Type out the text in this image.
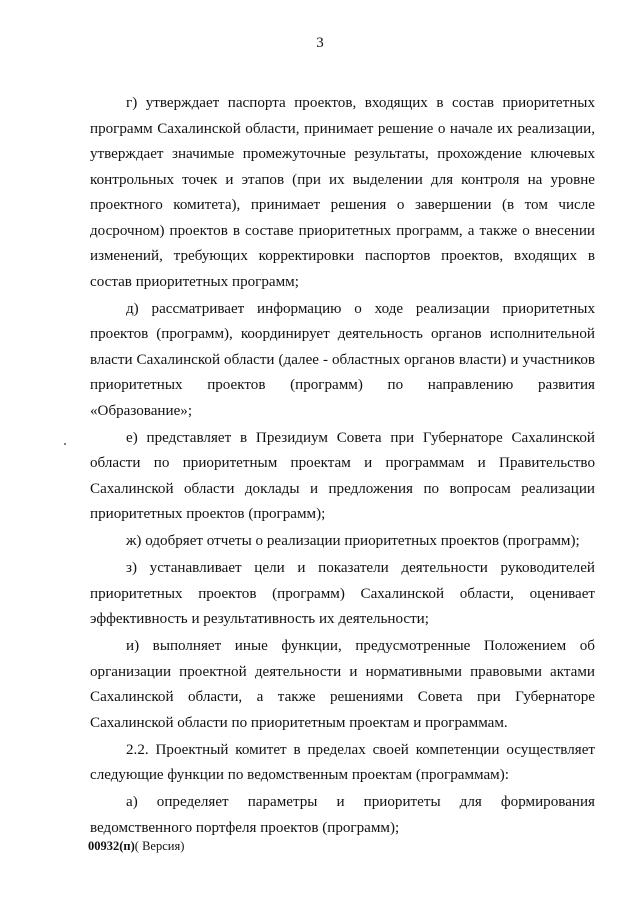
3

г) утверждает паспорта проектов, входящих в состав приоритетных программ Сахалинской области, принимает решение о начале их реализации, утверждает значимые промежуточные результаты, прохождение ключевых контрольных точек и этапов (при их выделении для контроля на уровне проектного комитета), принимает решения о завершении (в том числе досрочном) проектов в составе приоритетных программ, а также о внесении изменений, требующих корректировки паспортов проектов, входящих в состав приоритетных программ;

д) рассматривает информацию о ходе реализации приоритетных проектов (программ), координирует деятельность органов исполнительной власти Сахалинской области (далее - областных органов власти) и участников приоритетных проектов (программ) по направлению развития «Образование»;

е) представляет в Президиум Совета при Губернаторе Сахалинской области по приоритетным проектам и программам и Правительство Сахалинской области доклады и предложения по вопросам реализации приоритетных проектов (программ);

ж) одобряет отчеты о реализации приоритетных проектов (программ);

з) устанавливает цели и показатели деятельности руководителей приоритетных проектов (программ) Сахалинской области, оценивает эффективность и результативность их деятельности;

и) выполняет иные функции, предусмотренные Положением об организации проектной деятельности и нормативными правовыми актами Сахалинской области, а также решениями Совета при Губернаторе Сахалинской области по приоритетным проектам и программам.

2.2. Проектный комитет в пределах своей компетенции осуществляет следующие функции по ведомственным проектам (программам):

а) определяет параметры и приоритеты для формирования ведомственного портфеля проектов (программ);

00932(п)( Версия)
